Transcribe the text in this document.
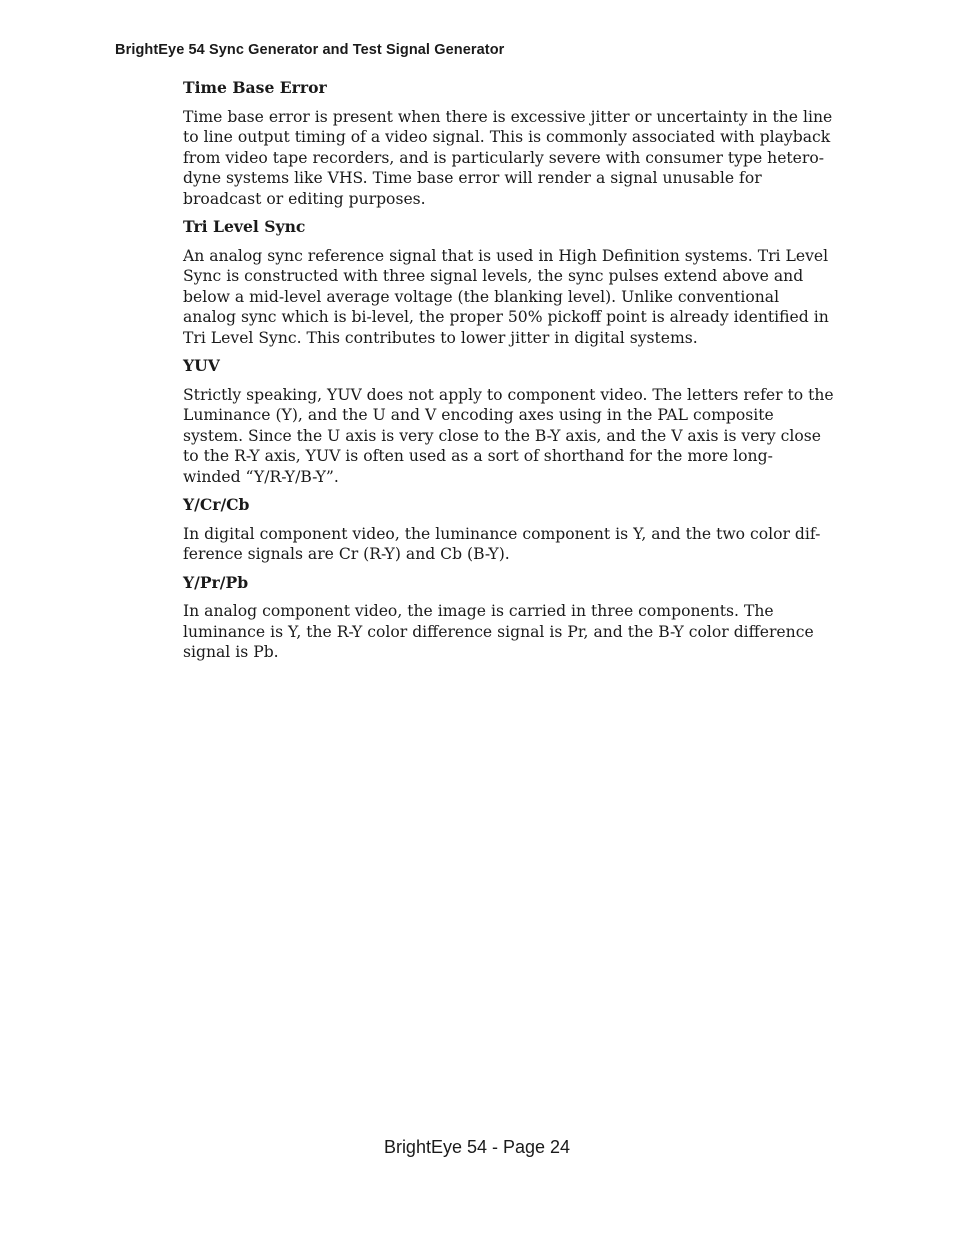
BrightEye 54 Sync Generator and Test Signal Generator

Time Base Error

Time base error is present when there is excessive jitter or uncertainty in the line
to line output timing of a video signal. This is commonly associated with playback
from video tape recorders, and is particularly severe with consumer type hetero-
dyne systems like VHS. Time base error will render a signal unusable for
broadcast or editing purposes.

Tri Level Sync

An analog sync reference signal that is used in High Definition systems. Tri Level
Sync is constructed with three signal levels, the sync pulses extend above and
below a mid-level average voltage (the blanking level). Unlike conventional
analog sync which is bi-level, the proper 50% pickoff point is already identified in
Tri Level Sync. This contributes to lower jitter in digital systems.

YUV

Strictly speaking, YUV does not apply to component video. The letters refer to the
Luminance (Y), and the U and V encoding axes using in the PAL composite
system. Since the U axis is very close to the B-Y axis, and the V axis is very close
to the R-Y axis, YUV is often used as a sort of shorthand for the more long-
winded “Y/R-Y/B-Y”.

Y/Cr/Cb

In digital component video, the luminance component is Y, and the two color dif-
ference signals are Cr (R-Y) and Cb (B-Y).

Y/Pr/Pb

In analog component video, the image is carried in three components. The
luminance is Y, the R-Y color difference signal is Pr, and the B-Y color difference
signal is Pb.

BrightEye 54 - Page 24
